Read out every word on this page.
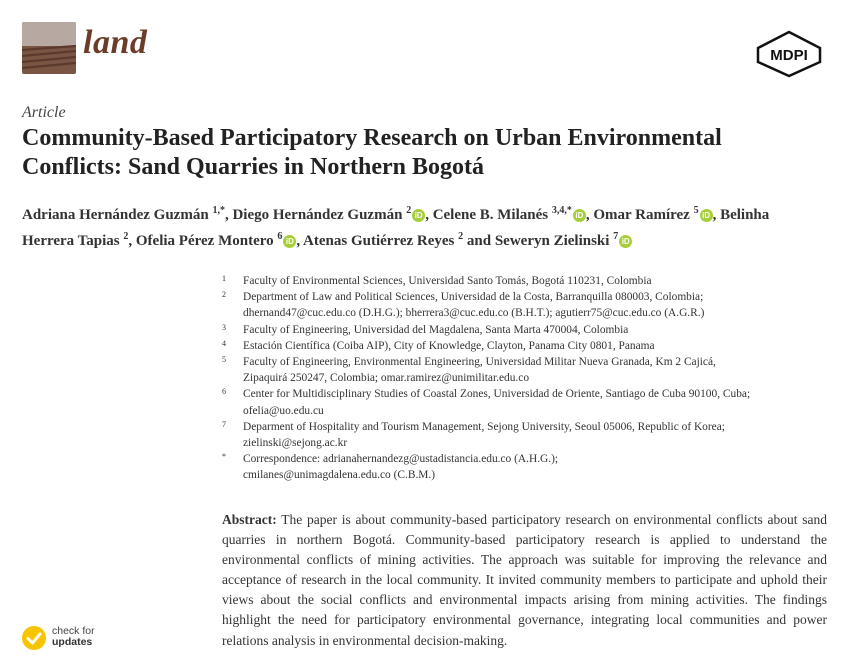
land	MDPI
Article
Community-Based Participatory Research on Urban Environmental Conflicts: Sand Quarries in Northern Bogotá
Adriana Hernández Guzmán $^{1,*}$, Diego Hernández Guzmán $^2$ iD , Celene B. Milanés $^{3,4,*}$ iD , Omar Ramírez $^5$ iD , Belinha Herrera Tapias $^2$, Ofelia Pérez Montero $^6$ iD , Atenas Gutiérrez Reyes $^2$ and Seweryn Zielinski $^7$ iD
1 Faculty of Environmental Sciences, Universidad Santo Tomás, Bogotá 110231, Colombia
2 Department of Law and Political Sciences, Universidad de la Costa, Barranquilla 080003, Colombia;
dhernand47@cuc.edu.co (D.H.G.); bherrera3@cuc.edu.co (B.H.T.); agutierr75@cuc.edu.co (A.G.R.)
3 Faculty of Engineering, Universidad del Magdalena, Santa Marta 470004, Colombia
4 Estación Científica (Coiba AIP), City of Knowledge, Clayton, Panama City 0801, Panama
5 Faculty of Engineering, Environmental Engineering, Universidad Militar Nueva Granada, Km 2 Cajicá,
Zipaquirá 250247, Colombia; omar.ramirez@unimilitar.edu.co
6 Center for Multidisciplinary Studies of Coastal Zones, Universidad de Oriente, Santiago de Cuba 90100, Cuba;
ofelia@uo.edu.cu
7 Deparment of Hospitality and Tourism Management, Sejong University, Seoul 05006, Republic of Korea;
zielinski@sejong.ac.kr
* Correspondence: adrianahernandezg@ustadistancia.edu.co (A.H.G.);
cmilanes@unimagdalena.edu.co (C.B.M.)
Abstract: The paper is about community-based participatory research on environmental conflicts about sand quarries in northern Bogotá. Community-based participatory research is applied to understand the environmental conflicts of mining activities. The approach was suitable for improving the relevance and acceptance of research in the local community. It invited community members to participate and uphold their views about the social conflicts and environmental impacts arising from mining activities. The findings highlight the need for participatory environmental governance, integrating local communities and power relations analysis in environmental decision-making.
check for
updates
